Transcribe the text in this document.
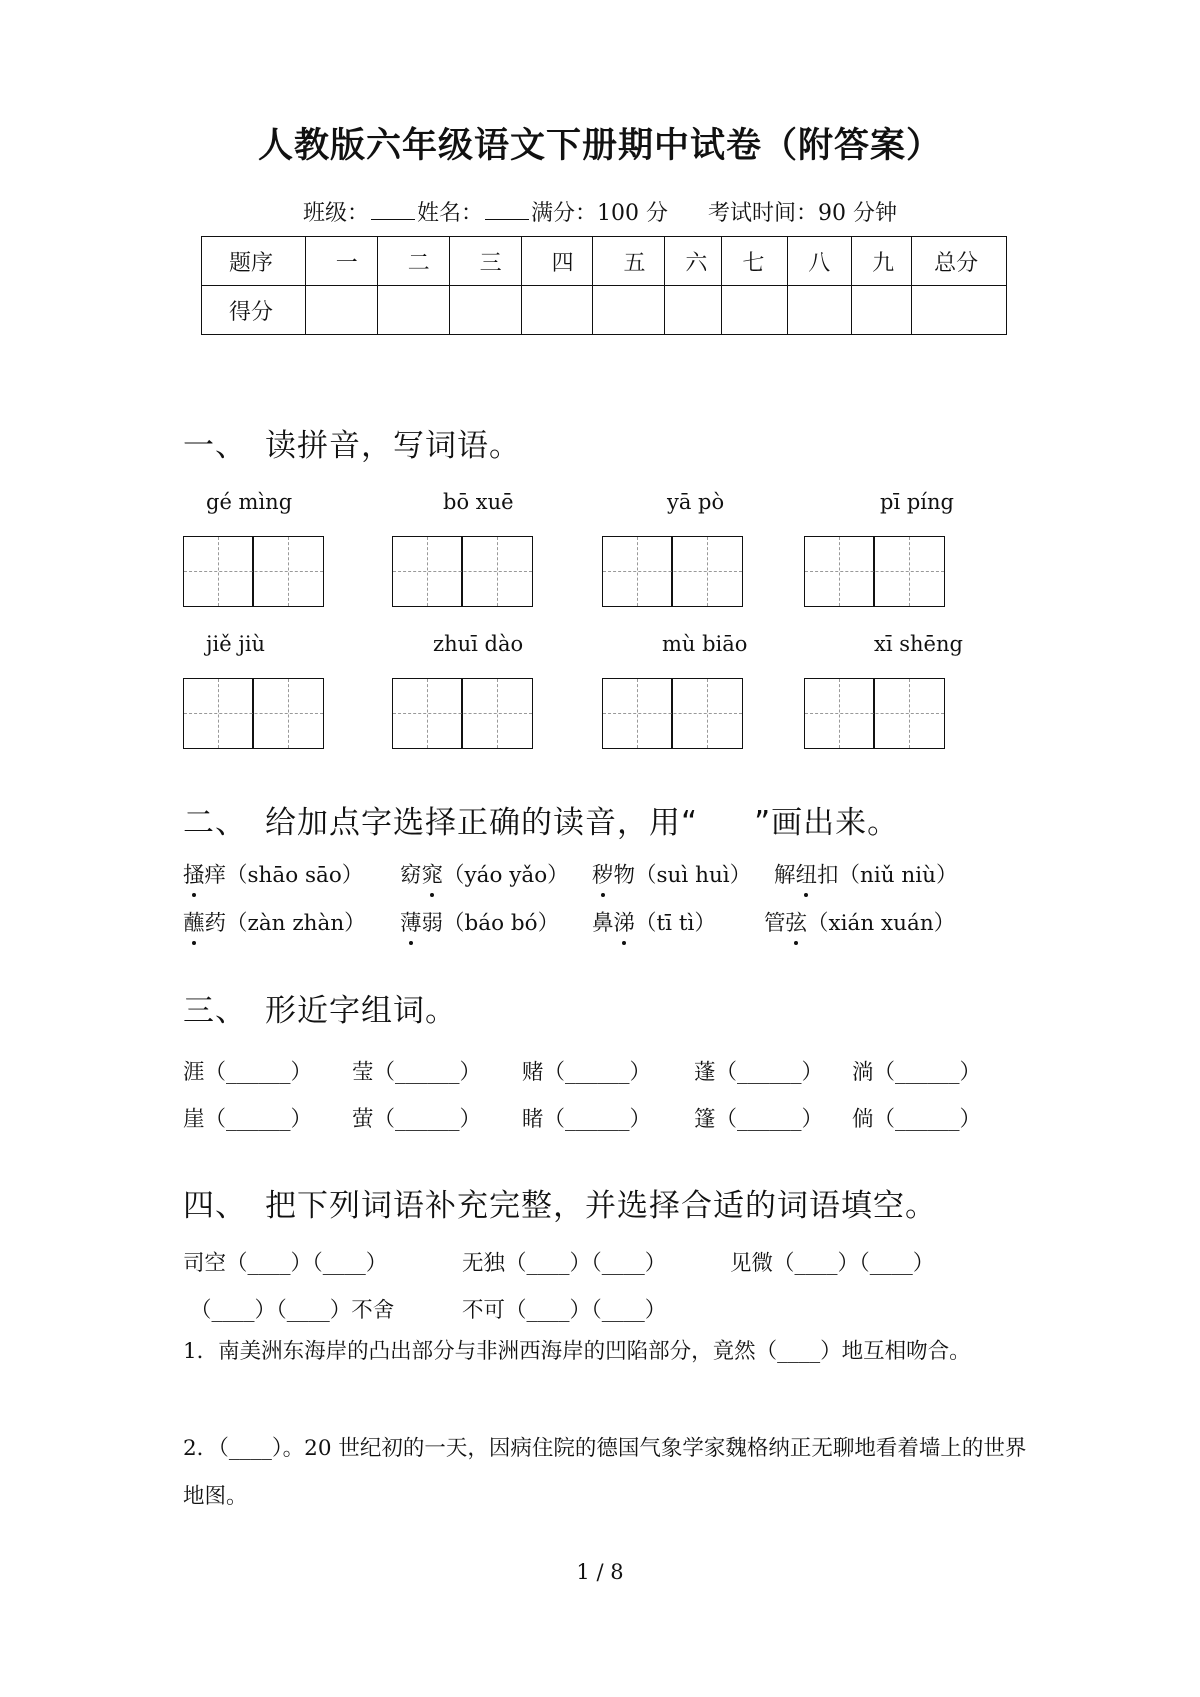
人教版六年级语文下册期中试卷（附答案）
班级： 姓名： 满分：100 分 考试时间：90 分钟
题序	一	二	三	四	五	六	七	八	九	总分
得分										
一、 读拼音，写词语。
gé mìng	bō xuē	yā pò	pī píng
jiě jiù	zhuī dào	mù biāo	xī shēng
二、 给加点字选择正确的读音，用“ ”画出来。
搔痒（shāo sāo） 窈窕（yáo yǎo） 秽物（suì huì） 解纽扣（niǔ niù）
蘸药（zàn zhàn） 薄弱（báo bó） 鼻涕（tī tì） 管弦（xián xuán）
三、 形近字组词。
涯（______） 莹（______） 赌（______） 蓬（______） 淌（______）
崖（______） 萤（______） 睹（______） 篷（______） 倘（______）
四、 把下列词语补充完整，并选择合适的词语填空。
司空（____）（____）	无独（____）（____）	见微（____）（____）
（____）（____）不舍	不可（____）（____）
1．南美洲东海岸的凸出部分与非洲西海岸的凹陷部分，竟然（____）地互相吻合。
2．（____）。20 世纪初的一天，因病住院的德国气象学家魏格纳正无聊地看着墙上的世界地图。
1 / 8
